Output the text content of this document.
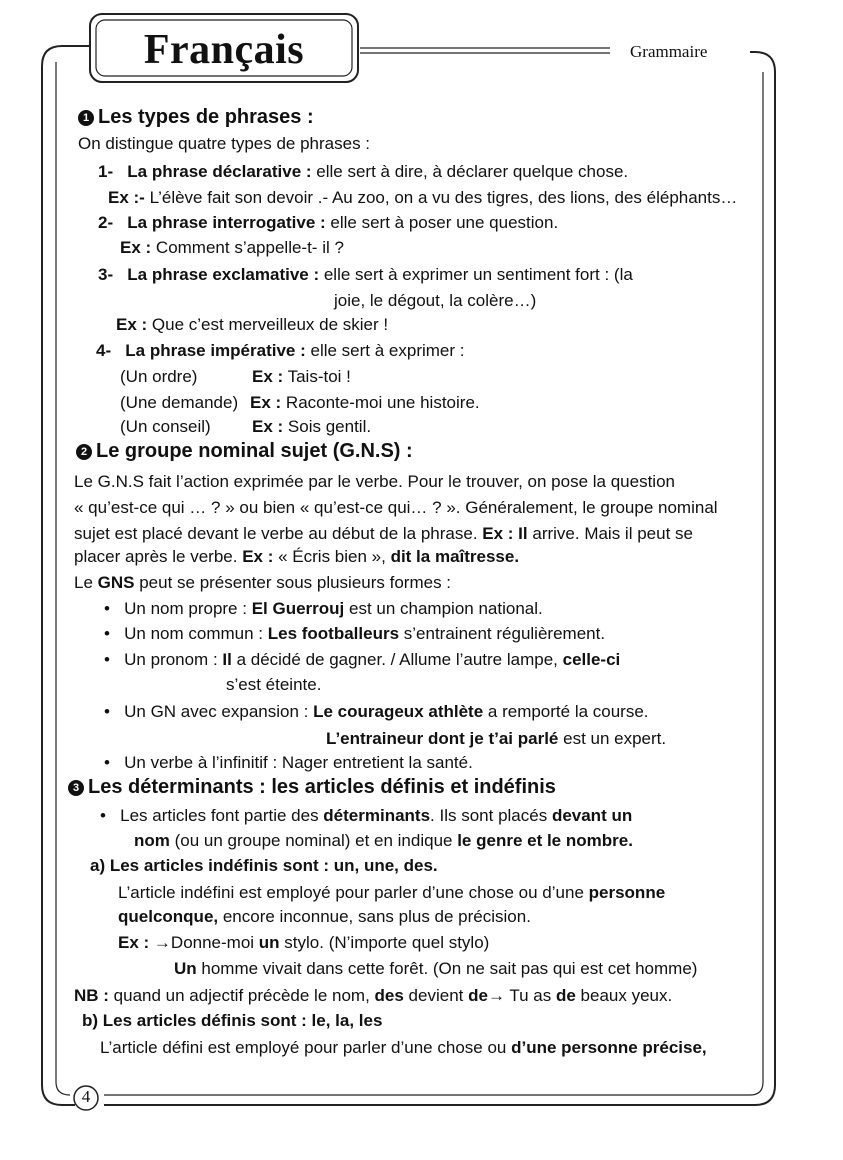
Français	Grammaire
4
1 Les types de phrases :
On distingue quatre types de phrases :
1- La phrase déclarative : elle sert à dire, à déclarer quelque chose.
Ex :- L’élève fait son devoir .- Au zoo, on a vu des tigres, des lions, des éléphants…
2- La phrase interrogative : elle sert à poser une question.
Ex : Comment s’appelle-t- il ?
3- La phrase exclamative : elle sert à exprimer un sentiment fort : (la
joie, le dégout, la colère…)
Ex : Que c’est merveilleux de skier !
4- La phrase impérative : elle sert à exprimer :
(Un ordre)	Ex : Tais-toi !
(Une demande) Ex : Raconte-moi une histoire.
(Un conseil) Ex : Sois gentil.
2 Le groupe nominal sujet (G.N.S) :
Le G.N.S fait l’action exprimée par le verbe. Pour le trouver, on pose la question
« qu’est-ce qui … ? » ou bien « qu’est-ce qui… ? ». Généralement, le groupe nominal
sujet est placé devant le verbe au début de la phrase. Ex : Il arrive. Mais il peut se
placer après le verbe. Ex : « Écris bien », dit la maîtresse.
Le GNS peut se présenter sous plusieurs formes :
•   Un nom propre : El Guerrouj est un champion national.
•   Un nom commun : Les footballeurs s’entrainent régulièrement.
•   Un pronom : Il a décidé de gagner. / Allume l’autre lampe, celle-ci
s’est éteinte.
•   Un GN avec expansion : Le courageux athlète a remporté la course.
L’entraineur dont je t’ai parlé est un expert.
•   Un verbe à l’infinitif : Nager entretient la santé.
3 Les déterminants : les articles définis et indéfinis
•   Les articles font partie des déterminants. Ils sont placés devant un
nom (ou un groupe nominal) et en indique le genre et le nombre.
a) Les articles indéfinis sont : un, une, des.
L’article indéfini est employé pour parler d’une chose ou d’une personne
quelconque, encore inconnue, sans plus de précision.
Ex : →Donne-moi un stylo. (N’importe quel stylo)
Un homme vivait dans cette forêt. (On ne sait pas qui est cet homme)
NB : quand un adjectif précède le nom, des devient de→ Tu as de beaux yeux.
b) Les articles définis sont : le, la, les
L’article défini est employé pour parler d’une chose ou d’une personne précise,
